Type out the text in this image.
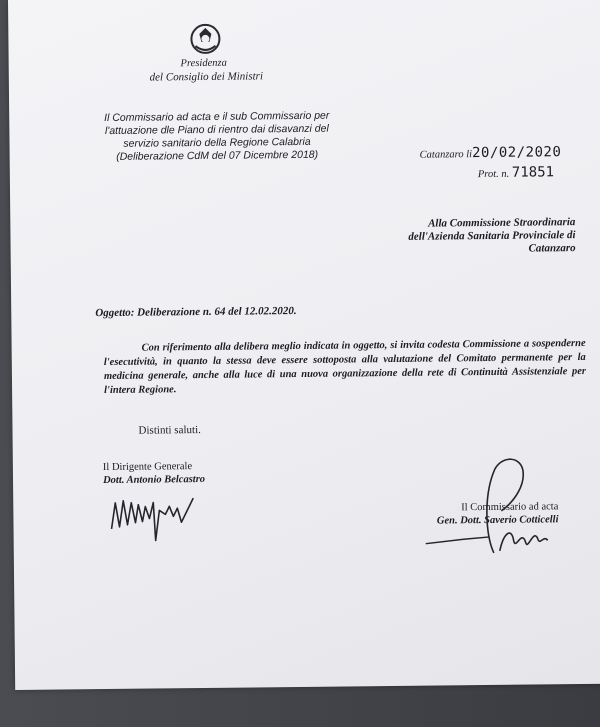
Presidenza
del Consiglio dei Ministri
Il Commissario ad acta e il sub Commissario per
l'attuazione dle Piano di rientro dai disavanzi del
servizio sanitario della Regione Calabria
(Deliberazione CdM del 07 Dicembre 2018)	Catanzaro li20/02/2020
Prot. n. 71851
Alla Commissione Straordinaria
dell'Azienda Sanitaria Provinciale di
Catanzaro
Oggetto: Deliberazione n. 64 del 12.02.2020.
Con riferimento alla delibera meglio indicata in oggetto, si invita codesta Commissione a sospenderne l'esecutività, in quanto la stessa deve essere sottoposta alla valutazione del Comitato permanente per la medicina generale, anche alla luce di una nuova organizzazione della rete di Continuità Assistenziale per l'intera Regione.
Distinti saluti.
Il Dirigente Generale
Dott. Antonio Belcastro
Il Commissario ad acta
Gen. Dott. Saverio Cotticelli
